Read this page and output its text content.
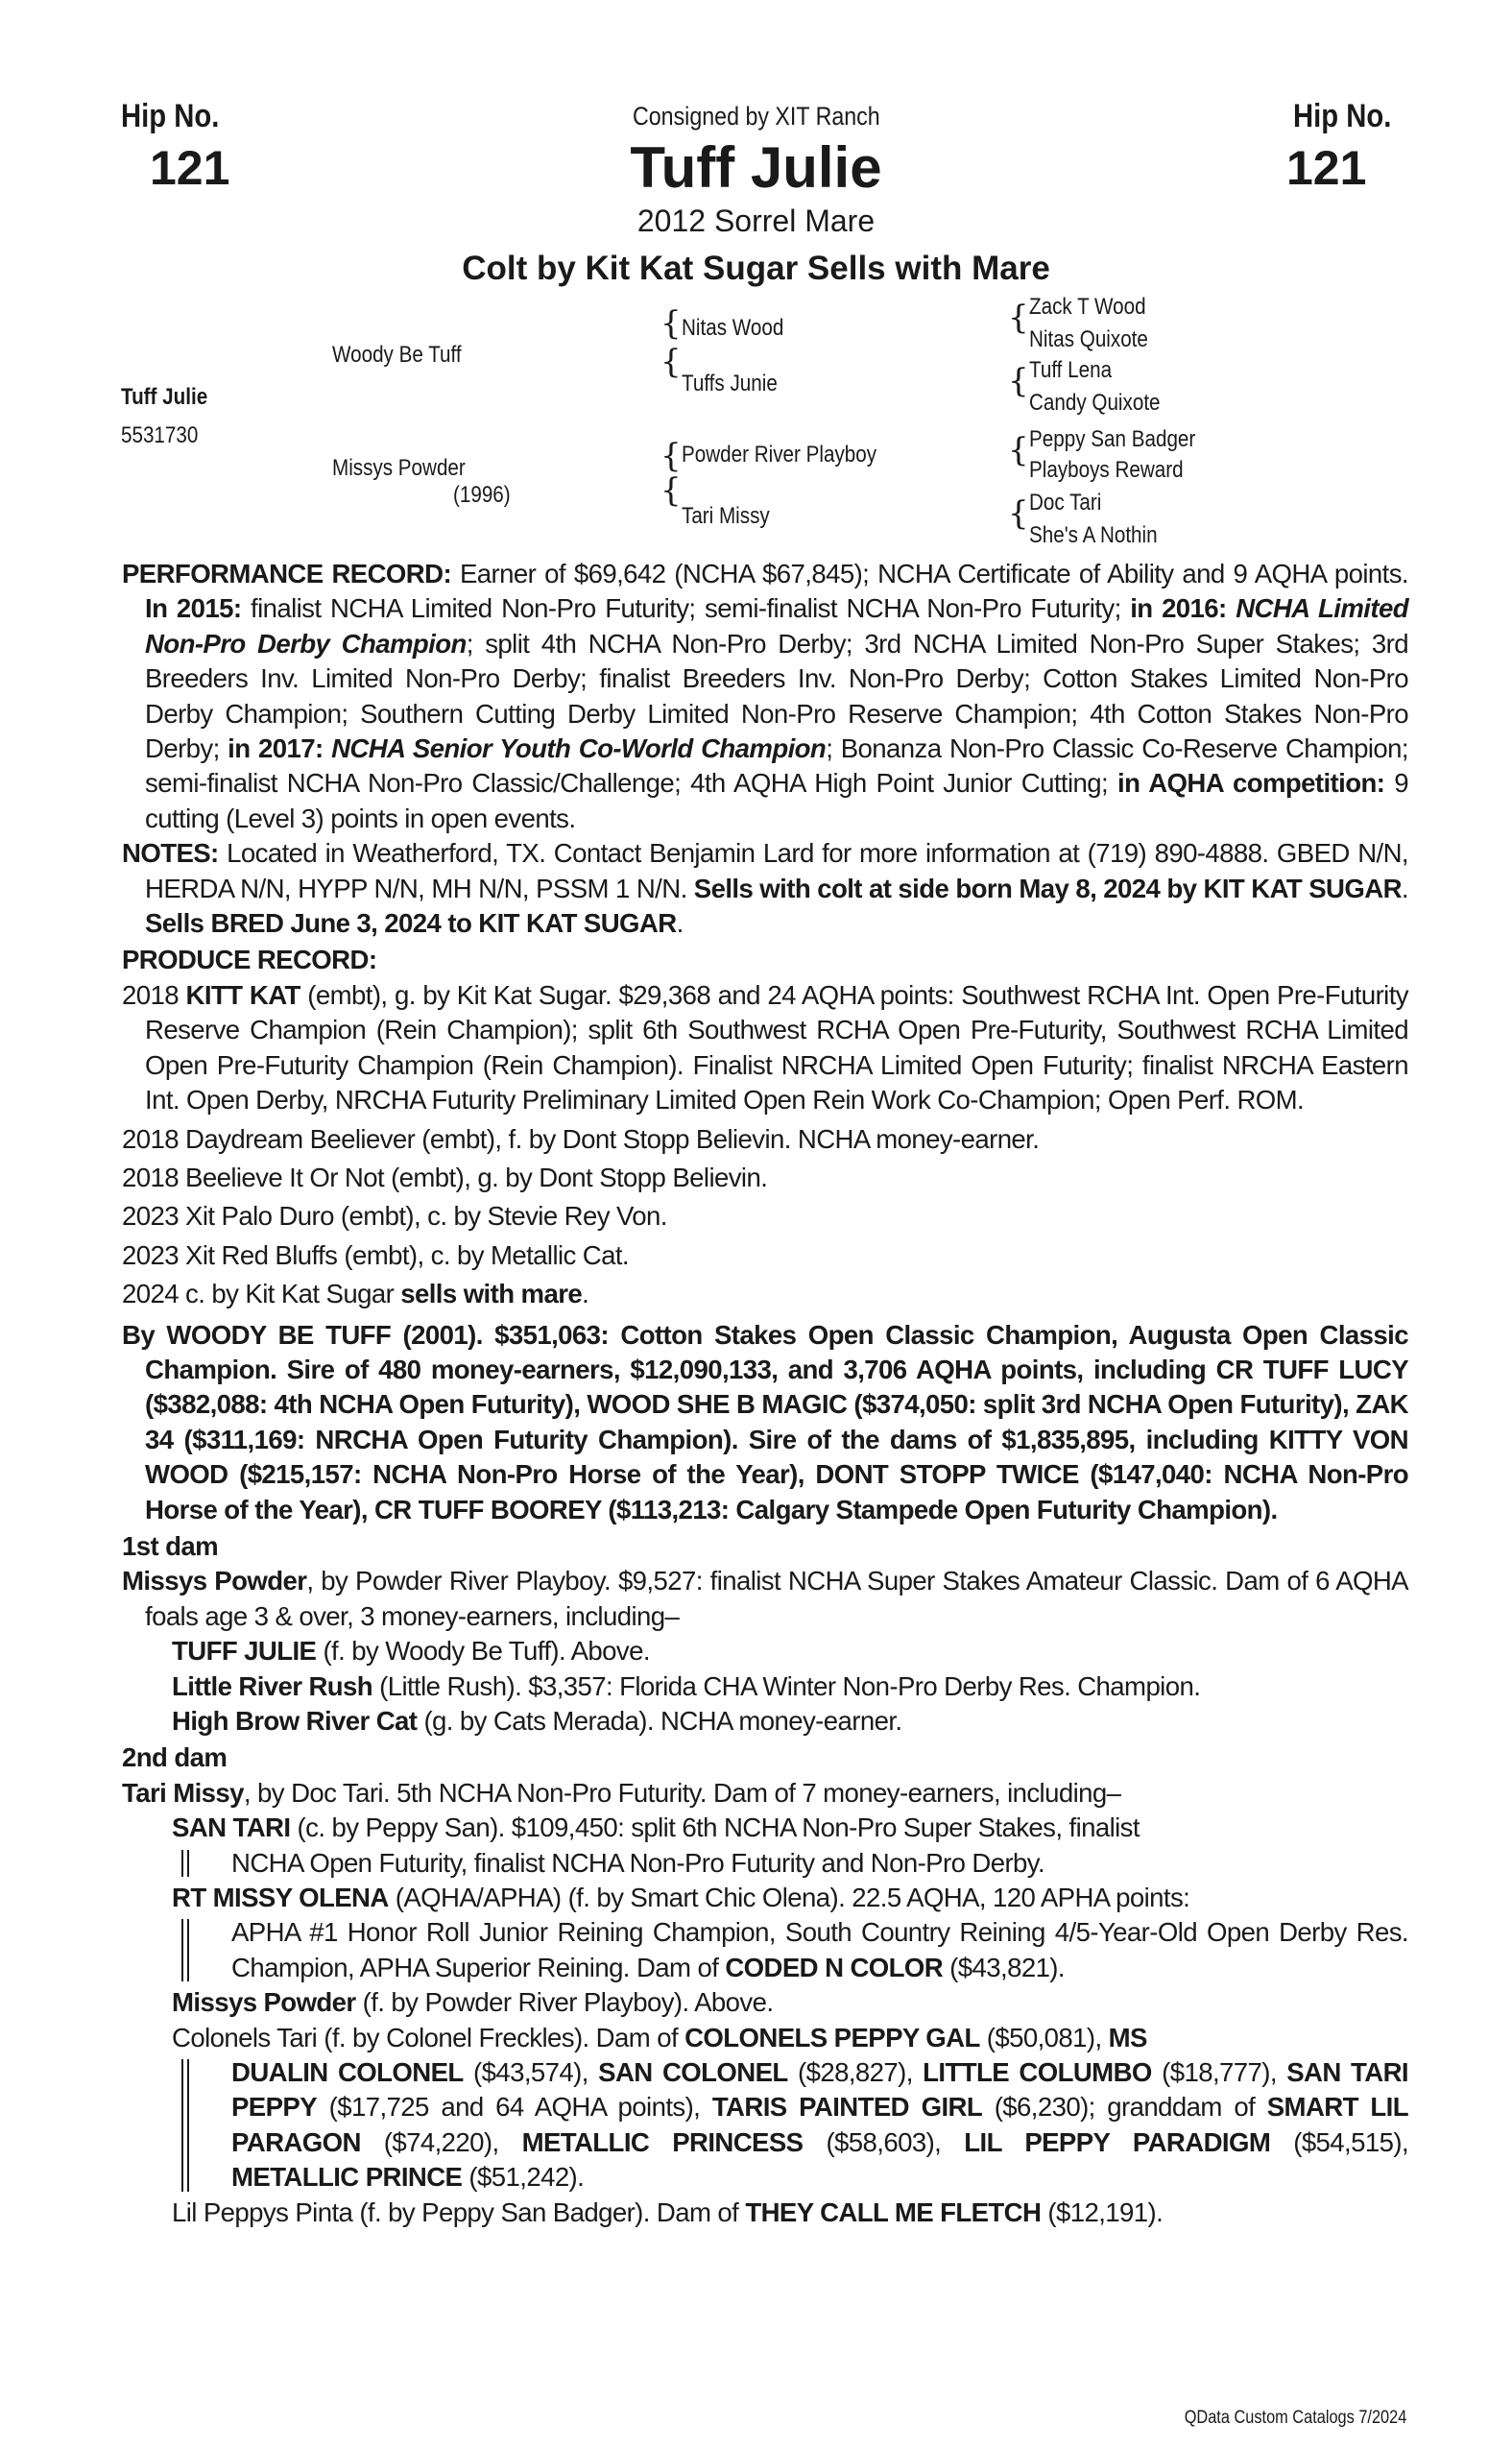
Hip No.
121
Hip No.
121
Consigned by XIT Ranch
Tuff Julie
2012 Sorrel Mare
Colt by Kit Kat Sugar Sells with Mare
Tuff Julie
5531730
Woody Be Tuff
Missys Powder
(1996)
{
{
Nitas Wood
Tuffs Junie
{
{
Powder River Playboy
Tari Missy
{ Zack T Wood
Nitas Quixote
{ Tuff Lena
Candy Quixote
{ Peppy San Badger
Playboys Reward
{ Doc Tari
She's A Nothin

PERFORMANCE RECORD: Earner of $69,642 (NCHA $67,845); NCHA Certificate of Ability and 9 AQHA points. In 2015: finalist NCHA Limited Non-Pro Futurity; semi-finalist NCHA Non-Pro Futurity; in 2016: NCHA Limited Non-Pro Derby Champion; split 4th NCHA Non-Pro Derby; 3rd NCHA Limited Non-Pro Super Stakes; 3rd Breeders Inv. Limited Non-Pro Derby; finalist Breeders Inv. Non-Pro Derby; Cotton Stakes Limited Non-Pro Derby Champion; Southern Cutting Derby Limited Non-Pro Reserve Champion; 4th Cotton Stakes Non-Pro Derby; in 2017: NCHA Senior Youth Co-World Champion; Bonanza Non-Pro Classic Co-Reserve Champion; semi-finalist NCHA Non-Pro Classic/Challenge; 4th AQHA High Point Junior Cutting; in AQHA competition: 9 cutting (Level 3) points in open events.

NOTES: Located in Weatherford, TX. Contact Benjamin Lard for more information at (719) 890-4888. GBED N/N, HERDA N/N, HYPP N/N, MH N/N, PSSM 1 N/N. Sells with colt at side born May 8, 2024 by KIT KAT SUGAR. Sells BRED June 3, 2024 to KIT KAT SUGAR.

PRODUCE RECORD:

2018 KITT KAT (embt), g. by Kit Kat Sugar. $29,368 and 24 AQHA points: Southwest RCHA Int. Open Pre-Futurity Reserve Champion (Rein Champion); split 6th Southwest RCHA Open Pre-Futurity, Southwest RCHA Limited Open Pre-Futurity Champion (Rein Champion). Finalist NRCHA Limited Open Futurity; finalist NRCHA Eastern Int. Open Derby, NRCHA Futurity Preliminary Limited Open Rein Work Co-Champion; Open Perf. ROM.

2018 Daydream Beeliever (embt), f. by Dont Stopp Believin. NCHA money-earner.

2018 Beelieve It Or Not (embt), g. by Dont Stopp Believin.

2023 Xit Palo Duro (embt), c. by Stevie Rey Von.

2023 Xit Red Bluffs (embt), c. by Metallic Cat.

2024 c. by Kit Kat Sugar sells with mare.

By WOODY BE TUFF (2001). $351,063: Cotton Stakes Open Classic Champion, Augusta Open Classic Champion. Sire of 480 money-earners, $12,090,133, and 3,706 AQHA points, including CR TUFF LUCY ($382,088: 4th NCHA Open Futurity), WOOD SHE B MAGIC ($374,050: split 3rd NCHA Open Futurity), ZAK 34 ($311,169: NRCHA Open Futurity Champion). Sire of the dams of $1,835,895, including KITTY VON WOOD ($215,157: NCHA Non-Pro Horse of the Year), DONT STOPP TWICE ($147,040: NCHA Non-Pro Horse of the Year), CR TUFF BOOREY ($113,213: Calgary Stampede Open Futurity Champion).

1st dam

Missys Powder, by Powder River Playboy. $9,527: finalist NCHA Super Stakes Amateur Classic. Dam of 6 AQHA foals age 3 & over, 3 money-earners, including–

TUFF JULIE (f. by Woody Be Tuff). Above.

Little River Rush (Little Rush). $3,357: Florida CHA Winter Non-Pro Derby Res. Champion.

High Brow River Cat (g. by Cats Merada). NCHA money-earner.

2nd dam

Tari Missy, by Doc Tari. 5th NCHA Non-Pro Futurity. Dam of 7 money-earners, including–

SAN TARI (c. by Peppy San). $109,450: split 6th NCHA Non-Pro Super Stakes, finalist

NCHA Open Futurity, finalist NCHA Non-Pro Futurity and Non-Pro Derby.

RT MISSY OLENA (AQHA/APHA) (f. by Smart Chic Olena). 22.5 AQHA, 120 APHA points:

APHA #1 Honor Roll Junior Reining Champion, South Country Reining 4/5-Year-Old Open Derby Res. Champion, APHA Superior Reining. Dam of CODED N COLOR ($43,821).

Missys Powder (f. by Powder River Playboy). Above.

Colonels Tari (f. by Colonel Freckles). Dam of COLONELS PEPPY GAL ($50,081), MS

DUALIN COLONEL ($43,574), SAN COLONEL ($28,827), LITTLE COLUMBO ($18,777), SAN TARI PEPPY ($17,725 and 64 AQHA points), TARIS PAINTED GIRL ($6,230); granddam of SMART LIL PARAGON ($74,220), METALLIC PRINCESS ($58,603), LIL PEPPY PARADIGM ($54,515), METALLIC PRINCE ($51,242).

Lil Peppys Pinta (f. by Peppy San Badger). Dam of THEY CALL ME FLETCH ($12,191).

QData Custom Catalogs 7/2024
